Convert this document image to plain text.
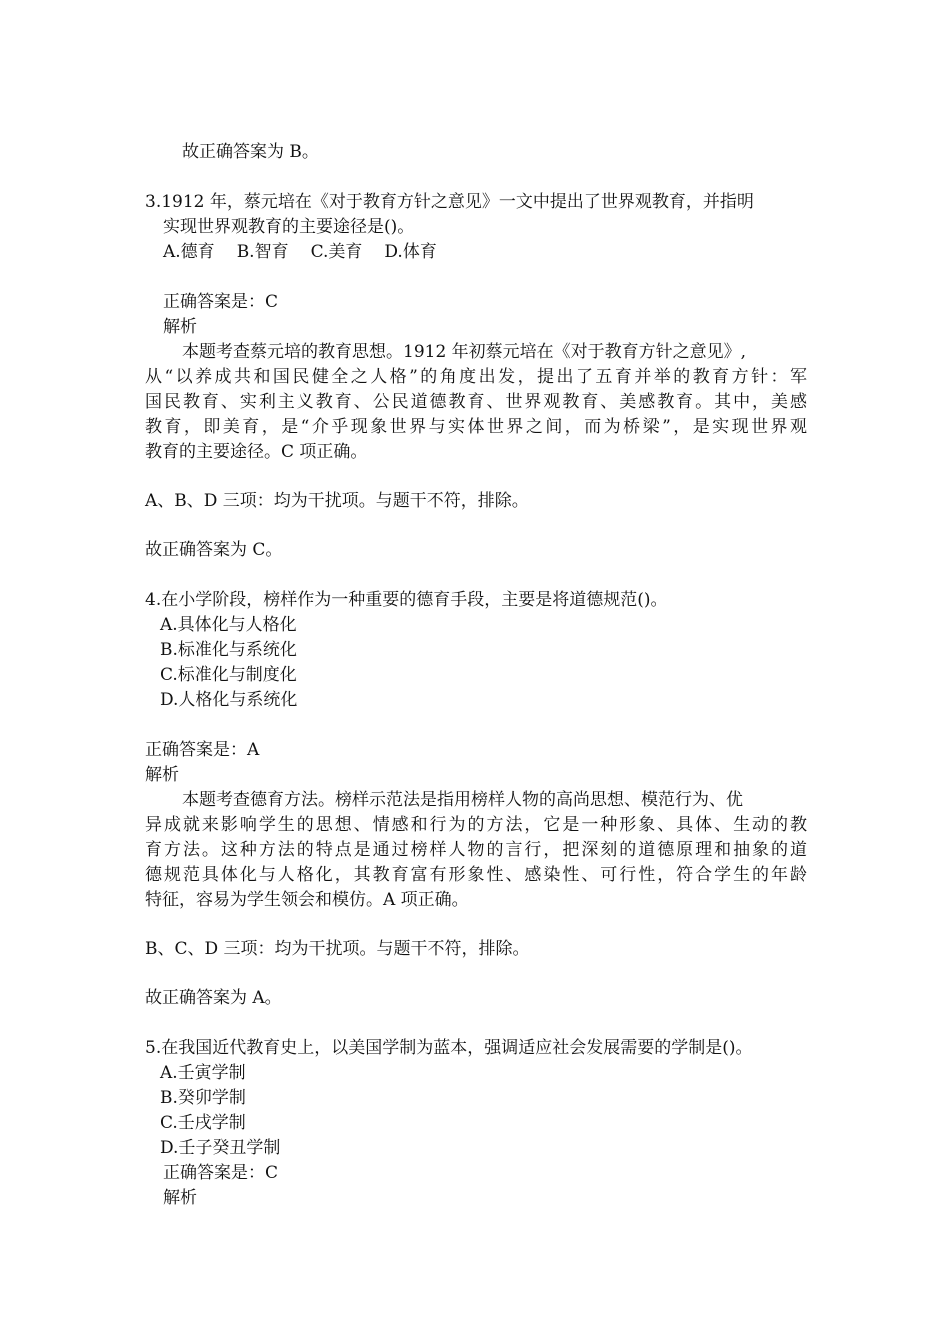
故正确答案为 B。
3.1912 年，蔡元培在《对于教育方针之意见》一文中提出了世界观教育，并指明
实现世界观教育的主要途径是()。
A.德育 B.智育 C.美育 D.体育
正确答案是：C
解析
本题考查蔡元培的教育思想。1912 年初蔡元培在《对于教育方针之意见》,
从“以养成共和国民健全之人格”的角度出发，提出了五育并举的教育方针：军
国民教育、实利主义教育、公民道德教育、世界观教育、美感教育。其中，美感
教育，即美育，是“介乎现象世界与实体世界之间，而为桥梁”，是实现世界观
教育的主要途径。C 项正确。
A、B、D 三项：均为干扰项。与题干不符，排除。
故正确答案为 C。
4.在小学阶段，榜样作为一种重要的德育手段，主要是将道德规范()。
A.具体化与人格化
B.标准化与系统化
C.标准化与制度化
D.人格化与系统化
正确答案是：A
解析
本题考查德育方法。榜样示范法是指用榜样人物的高尚思想、模范行为、优
异成就来影响学生的思想、情感和行为的方法，它是一种形象、具体、生动的教
育方法。这种方法的特点是通过榜样人物的言行，把深刻的道德原理和抽象的道
德规范具体化与人格化，其教育富有形象性、感染性、可行性，符合学生的年龄
特征，容易为学生领会和模仿。A 项正确。
B、C、D 三项：均为干扰项。与题干不符，排除。
故正确答案为 A。
5.在我国近代教育史上，以美国学制为蓝本，强调适应社会发展需要的学制是()。
A.壬寅学制
B.癸卯学制
C.壬戌学制
D.壬子癸丑学制
正确答案是：C
解析
